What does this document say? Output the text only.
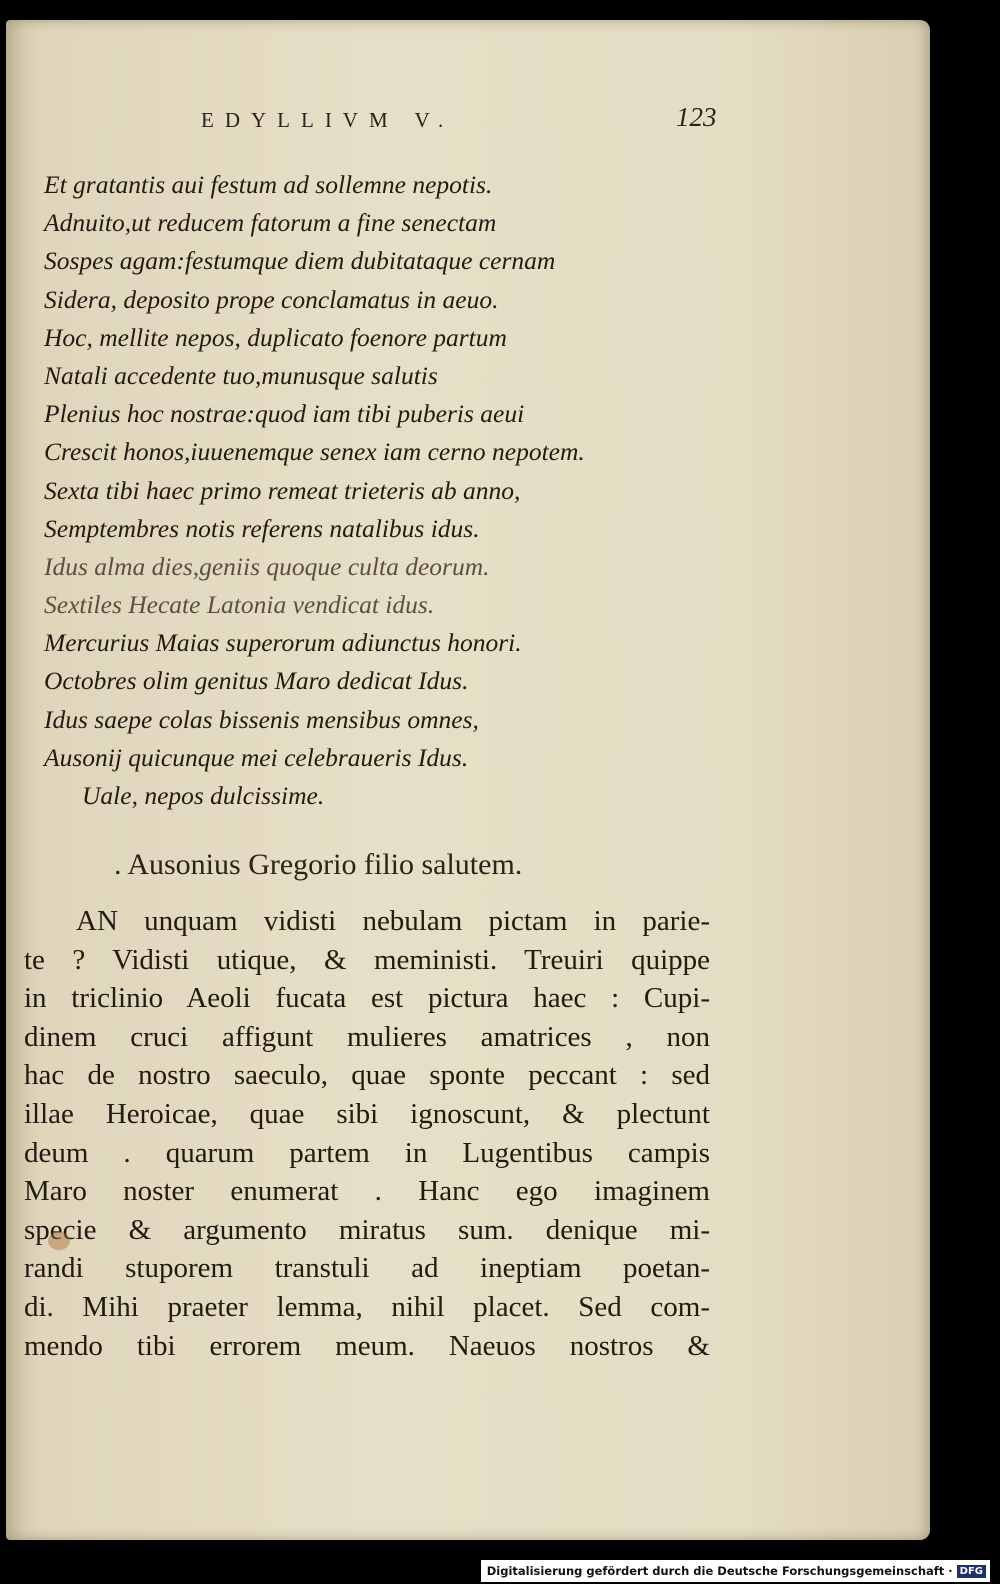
EDYLLIVM V.	123
Et gratantis aui festum ad sollemne nepotis.
Adnuito,ut reducem fatorum a fine senectam
Sospes agam:festumque diem dubitataque cernam
Sidera, deposito prope conclamatus in aeuo.
Hoc, mellite nepos, duplicato foenore partum
Natali accedente tuo,munusque salutis
Plenius hoc nostrae:quod iam tibi puberis aeui
Crescit honos,iuuenemque senex iam cerno nepotem.
Sexta tibi haec primo remeat trieteris ab anno,
Semptembres notis referens natalibus idus.
Idus alma dies,geniis quoque culta deorum.
Sextiles Hecate Latonia vendicat idus.
Mercurius Maias superorum adiunctus honori.
Octobres olim genitus Maro dedicat Idus.
Idus saepe colas bissenis mensibus omnes,
Ausonij quicunque mei celebraueris Idus.
Uale, nepos dulcissime.
. Ausonius Gregorio filio salutem.
AN unquam vidisti nebulam pictam in parie-
te ? Vidisti utique, & meministi. Treuiri quippe
in triclinio Aeoli fucata est pictura haec : Cupi-
dinem cruci affigunt mulieres amatrices , non
hac de nostro saeculo, quae sponte peccant : sed
illae Heroicae, quae sibi ignoscunt, & plectunt
deum . quarum partem in Lugentibus campis
Maro noster enumerat . Hanc ego imaginem
specie & argumento miratus sum. denique mi-
randi stuporem transtuli ad ineptiam poetan-
di. Mihi praeter lemma, nihil placet. Sed com-
mendo tibi errorem meum. Naeuos nostros &
Digitalisierung gefördert durch die Deutsche Forschungsgemeinschaft · DFG
